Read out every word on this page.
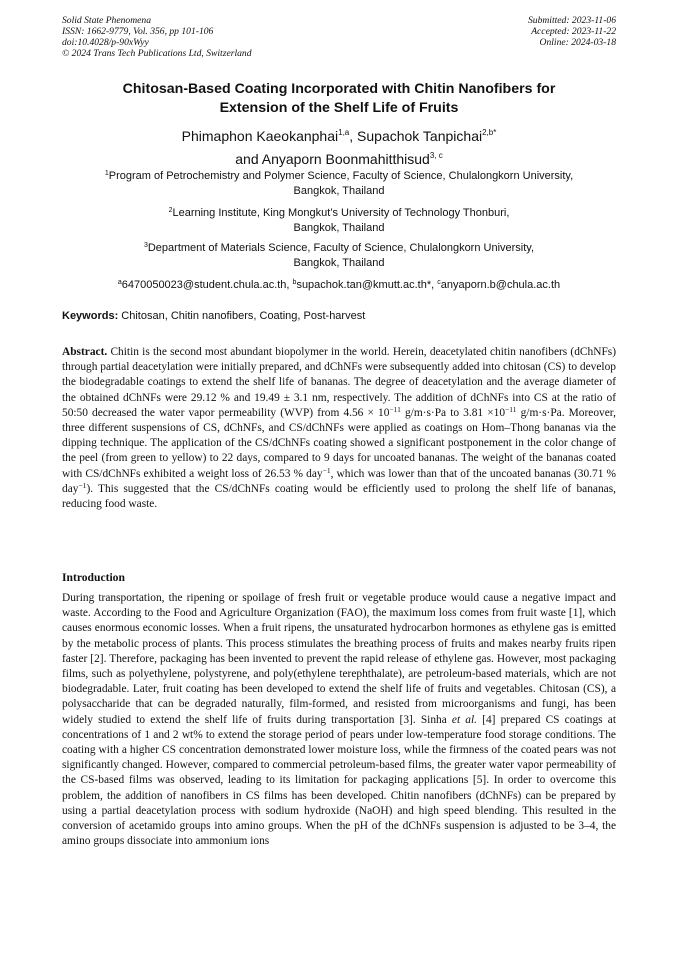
Solid State Phenomena
ISSN: 1662-9779, Vol. 356, pp 101-106
doi:10.4028/p-90xWyy
© 2024 Trans Tech Publications Ltd, Switzerland
Submitted: 2023-11-06
Accepted: 2023-11-22
Online: 2024-03-18
Chitosan-Based Coating Incorporated with Chitin Nanofibers for
Extension of the Shelf Life of Fruits
Phimaphon Kaeokanphai$^{1,a}$, Supachok Tanpichai$^{2,b*}$
and Anyaporn Boonmahitthisud$^{3, c}$
$^1$Program of Petrochemistry and Polymer Science, Faculty of Science, Chulalongkorn University,
Bangkok, Thailand
$^2$Learning Institute, King Mongkut’s University of Technology Thonburi,
Bangkok, Thailand
$^3$Department of Materials Science, Faculty of Science, Chulalongkorn University,
Bangkok, Thailand
$^a$6470050023@student.chula.ac.th, $^b$supachok.tan@kmutt.ac.th*, $^c$anyaporn.b@chula.ac.th
Keywords: Chitosan, Chitin nanofibers, Coating, Post-harvest
Abstract. Chitin is the second most abundant biopolymer in the world. Herein, deacetylated chitin nanofibers (dChNFs) through partial deacetylation were initially prepared, and dChNFs were subsequently added into chitosan (CS) to develop the biodegradable coatings to extend the shelf life of bananas. The degree of deacetylation and the average diameter of the obtained dChNFs were 29.12 % and 19.49 ± 3.1 nm, respectively. The addition of dChNFs into CS at the ratio of 50:50 decreased the water vapor permeability (WVP) from $4.56 \times 10^{-11}$ g/m·s·Pa to $3.81 \times 10^{-11}$ g/m·s·Pa. Moreover, three different suspensions of CS, dChNFs, and CS/dChNFs were applied as coatings on Hom–Thong bananas via the dipping technique. The application of the CS/dChNFs coating showed a significant postponement in the color change of the peel (from green to yellow) to 22 days, compared to 9 days for uncoated bananas. The weight of the bananas coated with CS/dChNFs exhibited a weight loss of 26.53 % day$^{-1}$, which was lower than that of the uncoated bananas (30.71 % day$^{-1}$). This suggested that the CS/dChNFs coating would be efficiently used to prolong the shelf life of bananas, reducing food waste.
Introduction
During transportation, the ripening or spoilage of fresh fruit or vegetable produce would cause a negative impact and waste. According to the Food and Agriculture Organization (FAO), the maximum loss comes from fruit waste [1], which causes enormous economic losses. When a fruit ripens, the unsaturated hydrocarbon hormones as ethylene gas is emitted by the metabolic process of plants. This process stimulates the breathing process of fruits and makes nearby fruits ripen faster [2]. Therefore, packaging has been invented to prevent the rapid release of ethylene gas. However, most packaging films, such as polyethylene, polystyrene, and poly(ethylene terephthalate), are petroleum-based materials, which are not biodegradable. Later, fruit coating has been developed to extend the shelf life of fruits and vegetables. Chitosan (CS), a polysaccharide that can be degraded naturally, film-formed, and resisted from microorganisms and fungi, has been widely studied to extend the shelf life of fruits during transportation [3]. Sinha et al. [4] prepared CS coatings at concentrations of 1 and 2 wt% to extend the storage period of pears under low-temperature food storage conditions. The coating with a higher CS concentration demonstrated lower moisture loss, while the firmness of the coated pears was not significantly changed. However, compared to commercial petroleum-based films, the greater water vapor permeability of the CS-based films was observed, leading to its limitation for packaging applications [5]. In order to overcome this problem, the addition of nanofibers in CS films has been developed. Chitin nanofibers (dChNFs) can be prepared by using a partial deacetylation process with sodium hydroxide (NaOH) and high speed blending. This resulted in the conversion of acetamido groups into amino groups. When the pH of the dChNFs suspension is adjusted to be 3–4, the amino groups dissociate into ammonium ions
